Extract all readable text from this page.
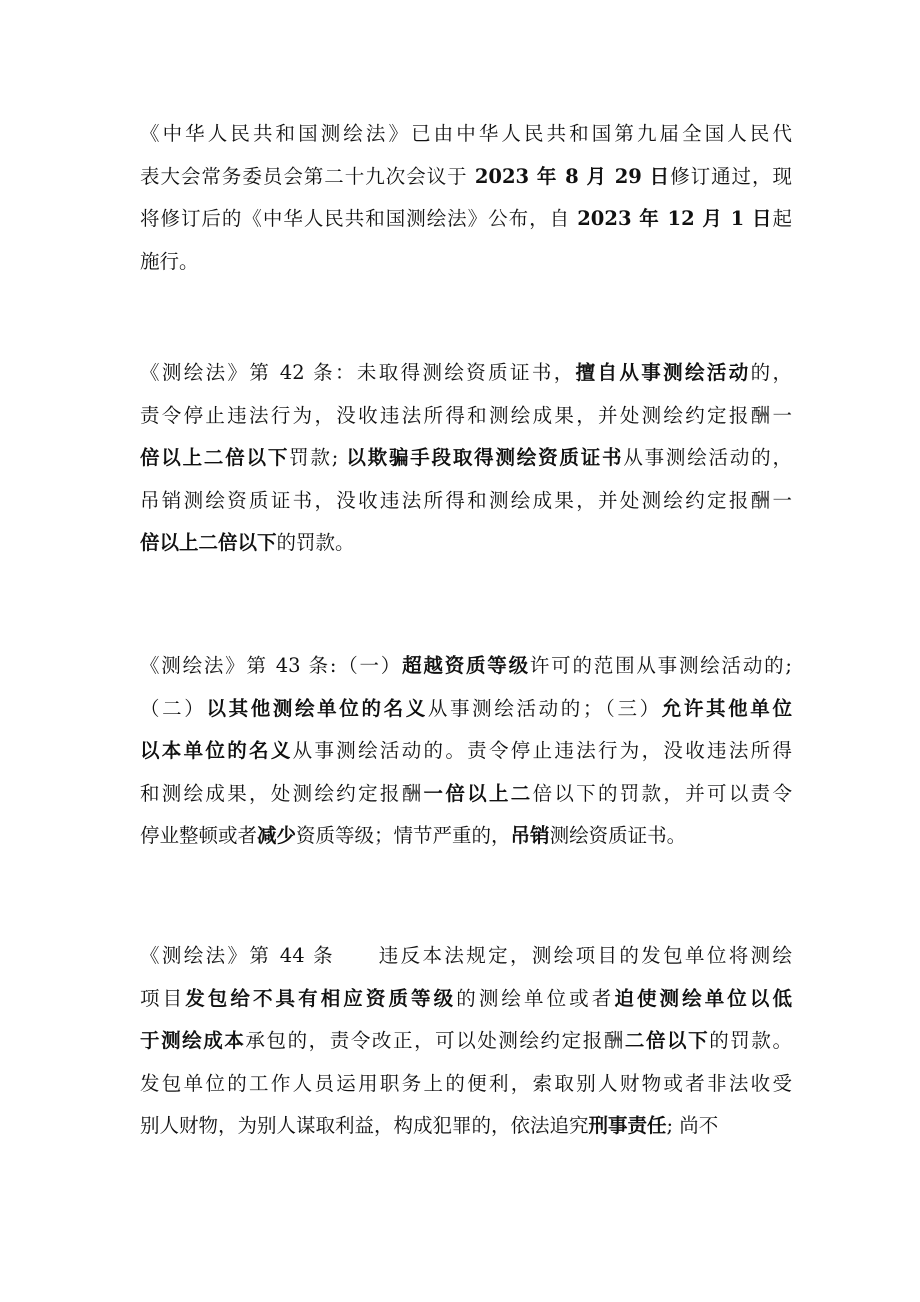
《中华人民共和国测绘法》已由中华人民共和国第九届全国人民代
表大会常务委员会第二十九次会议于 2023 年 8 月 29 日修订通过，现
将修订后的《中华人民共和国测绘法》公布，自 2023 年 12 月 1 日起
施行。

《测绘法》第 42 条：未取得测绘资质证书，擅自从事测绘活动的，
责令停止违法行为，没收违法所得和测绘成果，并处测绘约定报酬一
倍以上二倍以下罚款; 以欺骗手段取得测绘资质证书从事测绘活动的，
吊销测绘资质证书，没收违法所得和测绘成果，并处测绘约定报酬一
倍以上二倍以下的罚款。

《测绘法》第 43 条:（一）超越资质等级许可的范围从事测绘活动的;
（二）以其他测绘单位的名义从事测绘活动的；（三）允许其他单位
以本单位的名义从事测绘活动的。责令停止违法行为，没收违法所得
和测绘成果，处测绘约定报酬一倍以上二倍以下的罚款，并可以责令
停业整顿或者减少资质等级；情节严重的，吊销测绘资质证书。

《测绘法》第 44 条　　违反本法规定，测绘项目的发包单位将测绘
项目发包给不具有相应资质等级的测绘单位或者迫使测绘单位以低
于测绘成本承包的，责令改正，可以处测绘约定报酬二倍以下的罚款。
发包单位的工作人员运用职务上的便利，索取别人财物或者非法收受
别人财物，为别人谋取利益，构成犯罪的，依法追究刑事责任; 尚不
